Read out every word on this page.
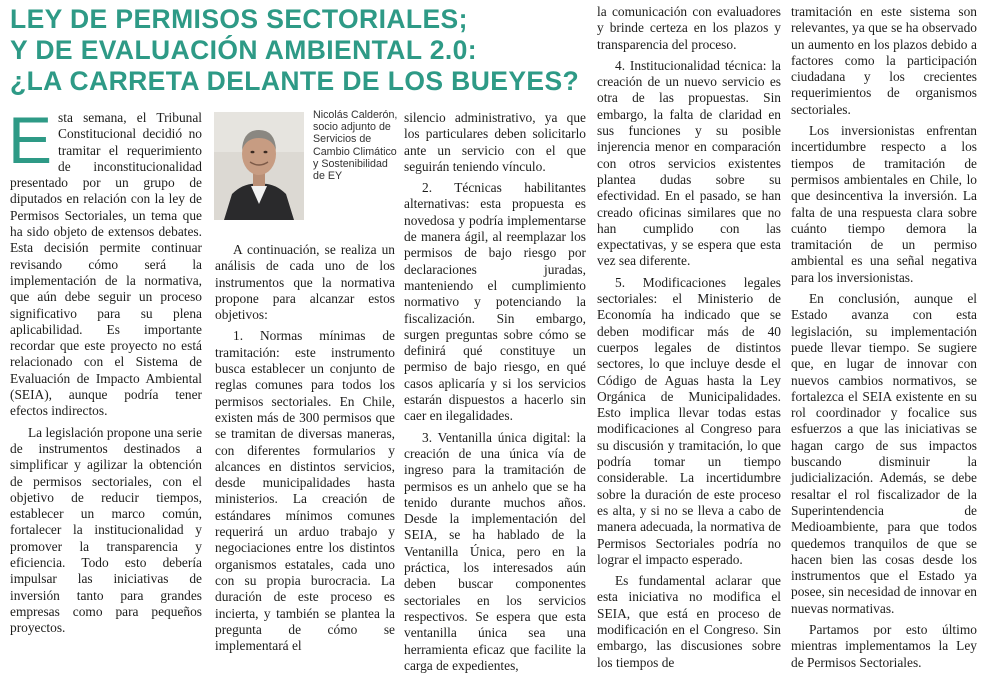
LEY DE PERMISOS SECTORIALES;
Y DE EVALUACIÓN AMBIENTAL 2.0:
¿LA CARRETA DELANTE DE LOS BUEYES?

Esta semana, el Tribunal Constitucional decidió no tramitar el requerimiento de inconstitucionalidad presentado por un grupo de diputados en relación con la ley de Permisos Sectoriales, un tema que ha sido objeto de extensos debates. Esta decisión permite continuar revisando cómo será la implementación de la normativa, que aún debe seguir un proceso significativo para su plena aplicabilidad. Es importante recordar que este proyecto no está relacionado con el Sistema de Evaluación de Impacto Ambiental (SEIA), aunque podría tener efectos indirectos.

La legislación propone una serie de instrumentos destinados a simplificar y agilizar la obtención de permisos sectoriales, con el objetivo de reducir tiempos, establecer un marco común, fortalecer la institucionalidad y promover la transparencia y eficiencia. Todo esto debería impulsar las iniciativas de inversión tanto para grandes empresas como para pequeños proyectos.

Nicolás Calderón,
socio adjunto de Servicios de Cambio Climático y Sostenibilidad de EY

A continuación, se realiza un análisis de cada uno de los instrumentos que la normativa propone para alcanzar estos objetivos:

1. Normas mínimas de tramitación: este instrumento busca establecer un conjunto de reglas comunes para todos los permisos sectoriales. En Chile, existen más de 300 permisos que se tramitan de diversas maneras, con diferentes formularios y alcances en distintos servicios, desde municipalidades hasta ministerios. La creación de estándares mínimos comunes requerirá un arduo trabajo y negociaciones entre los distintos organismos estatales, cada uno con su propia burocracia. La duración de este proceso es incierta, y también se plantea la pregunta de cómo se implementará el

silencio administrativo, ya que los particulares deben solicitarlo ante un servicio con el que seguirán teniendo vínculo.

2. Técnicas habilitantes alternativas: esta propuesta es novedosa y podría implementarse de manera ágil, al reemplazar los permisos de bajo riesgo por declaraciones juradas, manteniendo el cumplimiento normativo y potenciando la fiscalización. Sin embargo, surgen preguntas sobre cómo se definirá qué constituye un permiso de bajo riesgo, en qué casos aplicaría y si los servicios estarán dispuestos a hacerlo sin caer en ilegalidades.

3. Ventanilla única digital: la creación de una única vía de ingreso para la tramitación de permisos es un anhelo que se ha tenido durante muchos años. Desde la implementación del SEIA, se ha hablado de la Ventanilla Única, pero en la práctica, los interesados aún deben buscar componentes sectoriales en los servicios respectivos. Se espera que esta ventanilla única sea una herramienta eficaz que facilite la carga de expedientes,

la comunicación con evaluadores y brinde certeza en los plazos y transparencia del proceso.

4. Institucionalidad técnica: la creación de un nuevo servicio es otra de las propuestas. Sin embargo, la falta de claridad en sus funciones y su posible injerencia menor en comparación con otros servicios existentes plantea dudas sobre su efectividad. En el pasado, se han creado oficinas similares que no han cumplido con las expectativas, y se espera que esta vez sea diferente.

5. Modificaciones legales sectoriales: el Ministerio de Economía ha indicado que se deben modificar más de 40 cuerpos legales de distintos sectores, lo que incluye desde el Código de Aguas hasta la Ley Orgánica de Municipalidades. Esto implica llevar todas estas modificaciones al Congreso para su discusión y tramitación, lo que podría tomar un tiempo considerable. La incertidumbre sobre la duración de este proceso es alta, y si no se lleva a cabo de manera adecuada, la normativa de Permisos Sectoriales podría no lograr el impacto esperado.

Es fundamental aclarar que esta iniciativa no modifica el SEIA, que está en proceso de modificación en el Congreso. Sin embargo, las discusiones sobre los tiempos de

tramitación en este sistema son relevantes, ya que se ha observado un aumento en los plazos debido a factores como la participación ciudadana y los crecientes requerimientos de organismos sectoriales.

Los inversionistas enfrentan incertidumbre respecto a los tiempos de tramitación de permisos ambientales en Chile, lo que desincentiva la inversión. La falta de una respuesta clara sobre cuánto tiempo demora la tramitación de un permiso ambiental es una señal negativa para los inversionistas.

En conclusión, aunque el Estado avanza con esta legislación, su implementación puede llevar tiempo. Se sugiere que, en lugar de innovar con nuevos cambios normativos, se fortalezca el SEIA existente en su rol coordinador y focalice sus esfuerzos a que las iniciativas se hagan cargo de sus impactos buscando disminuir la judicialización. Además, se debe resaltar el rol fiscalizador de la Superintendencia de Medioambiente, para que todos quedemos tranquilos de que se hacen bien las cosas desde los instrumentos que el Estado ya posee, sin necesidad de innovar en nuevas normativas.

Partamos por esto último mientras implementamos la Ley de Permisos Sectoriales.
